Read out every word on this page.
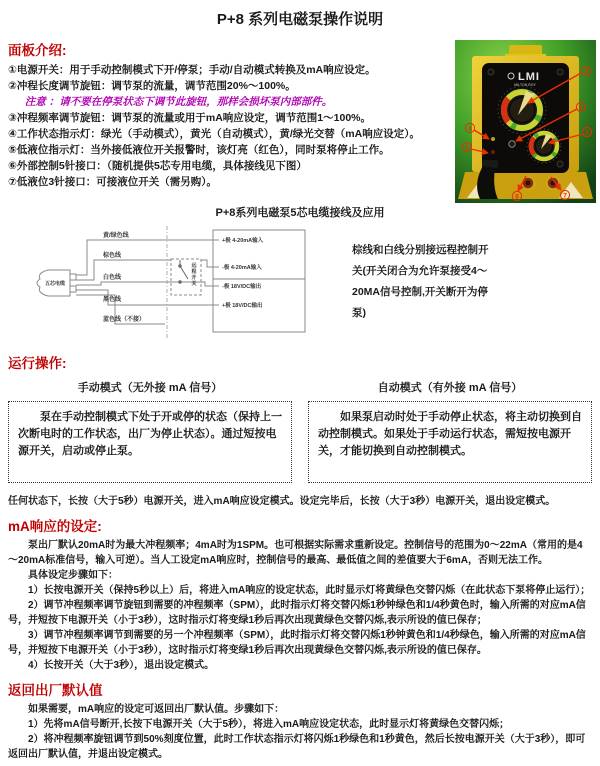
P+8 系列电磁泵操作说明
面板介绍:
①电源开关：用于手动控制模式下开/停泵；手动/自动模式转换及mA响应设定。
②冲程长度调节旋钮：调节泵的流量，调节范围20%～100%。
注意 ：请不要在停泵状态下调节此旋钮，那样会损坏泵内部部件。
③冲程频率调节旋钮：调节泵的流量或用于mA响应设定，调节范围1～100%。
④工作状态指示灯：绿光（手动模式），黄光（自动模式），黄/绿光交替（mA响应设定）。
⑤低液位指示灯：当外接低液位开关报警时，该灯亮（红色），同时泵将停止工作。
⑥外部控制5针接口：（随机提供5芯专用电缆，具体接线见下图）
⑦低液位3针接口：可接液位开关（需另购）。
LMI
MILTON ROY
2
1
3
4
5
6	7
P+8系列电磁泵5芯电缆接线及应用
黄/绿色线
棕色线
白色线
黑色线
蓝色线（不接）
五芯电缆
远
程
开
关
+极 4-20mA输入
-极 4-20mA输入
-极 18V/DC输出
+极 18V/DC输出
棕线和白线分别接远程控制开关(开关闭合为允许泵接受4～20MA信号控制,开关断开为停泵)
运行操作:
手动模式（无外接 mA 信号）
泵在手动控制模式下处于开或停的状态（保持上一次断电时的工作状态，出厂为停止状态）。通过短按电源开关，启动或停止泵。
自动模式（有外接 mA 信号）
如果泵启动时处于手动停止状态，将主动切换到自动控制模式。如果处于手动运行状态，需短按电源开关，才能切换到自动控制模式。

任何状态下，长按（大于5秒）电源开关，进入mA响应设定模式。设定完毕后，长按（大于3秒）电源开关，退出设定模式。

mA响应的设定:

泵出厂默认20mA时为最大冲程频率；4mA时为1SPM。也可根据实际需求重新设定。控制信号的范围为0～22mA（常用的是4～20mA标准信号，输入可逆）。当人工设定mA响应时，控制信号的最高、最低值之间的差值要大于6mA，否则无法工作。

具体设定步骤如下：

1）长按电源开关（保持5秒以上）后，将进入mA响应的设定状态，此时显示灯将黄绿色交替闪烁（在此状态下泵将停止运行）；

2）调节冲程频率调节旋钮到需要的冲程频率（SPM），此时指示灯将交替闪烁1秒钟绿色和1/4秒黄色时，输入所需的对应mA信号，并短按下电源开关（小于3秒），这时指示灯将变绿1秒后再次出现黄绿色交替闪烁,表示所设的值已保存；

3）调节冲程频率调节到需要的另一个冲程频率（SPM），此时指示灯将交替闪烁1秒钟黄色和1/4秒绿色，输入所需的对应mA信号，并短按下电源开关（小于3秒），这时指示灯将变绿1秒后再次出现黄绿色交替闪烁,表示所设的值已保存。

4）长按开关（大于3秒），退出设定模式。

返回出厂默认值

如果需要，mA响应的设定可返回出厂默认值。步骤如下：

1）先将mA信号断开,长按下电源开关（大于5秒），将进入mA响应设定状态，此时显示灯将黄绿色交替闪烁；

2）将冲程频率旋钮调节到50%刻度位置，此时工作状态指示灯将闪烁1秒绿色和1秒黄色，然后长按电源开关（大于3秒），即可返回出厂默认值，并退出设定模式。
